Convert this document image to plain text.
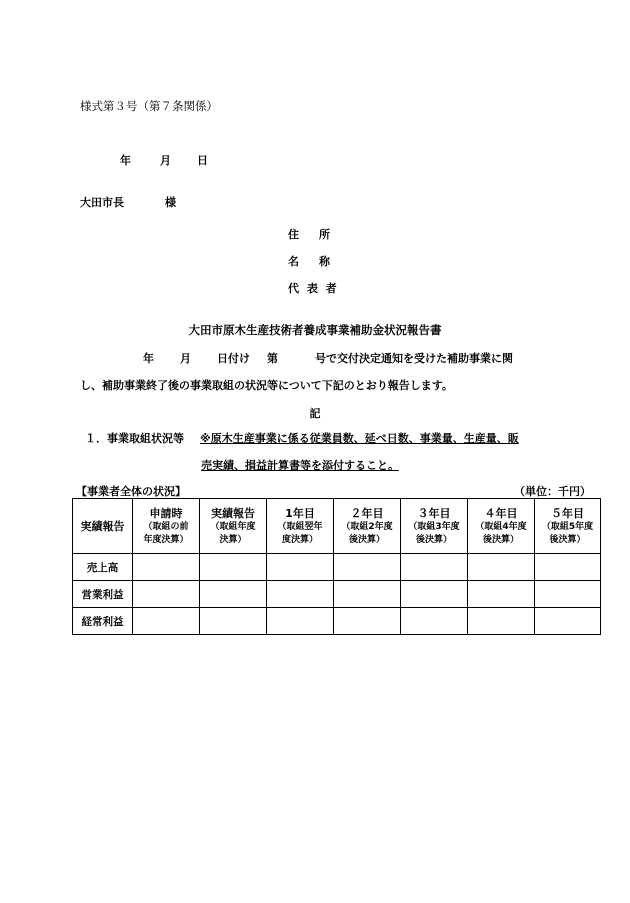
様式第３号（第７条関係）
年	月 日
大田市長	様
住 所
名 称
代 表 者
大田市原木生産技術者養成事業補助金状況報告書
年 月 日付け 第	号で交付決定通知を受けた補助事業に関
し、補助事業終了後の事業取組の状況等について下記のとおり報告します。
記
１．事業取組状況等 ※原木生産事業に係る従業員数、延べ日数、事業量、生産量、販
売実績、損益計算書等を添付すること。
【事業者全体の状況】	（単位：千円）
実績報告	申請時
（取組の前
年度決算）	実績報告
（取組年度
決算）	1年目
（取組翌年
度決算）	２年目
（取組2年度
後決算）	３年目
（取組3年度
後決算）	４年目
（取組4年度
後決算）	５年目
（取組5年度
後決算）

売上高							
営業利益							
経常利益							
